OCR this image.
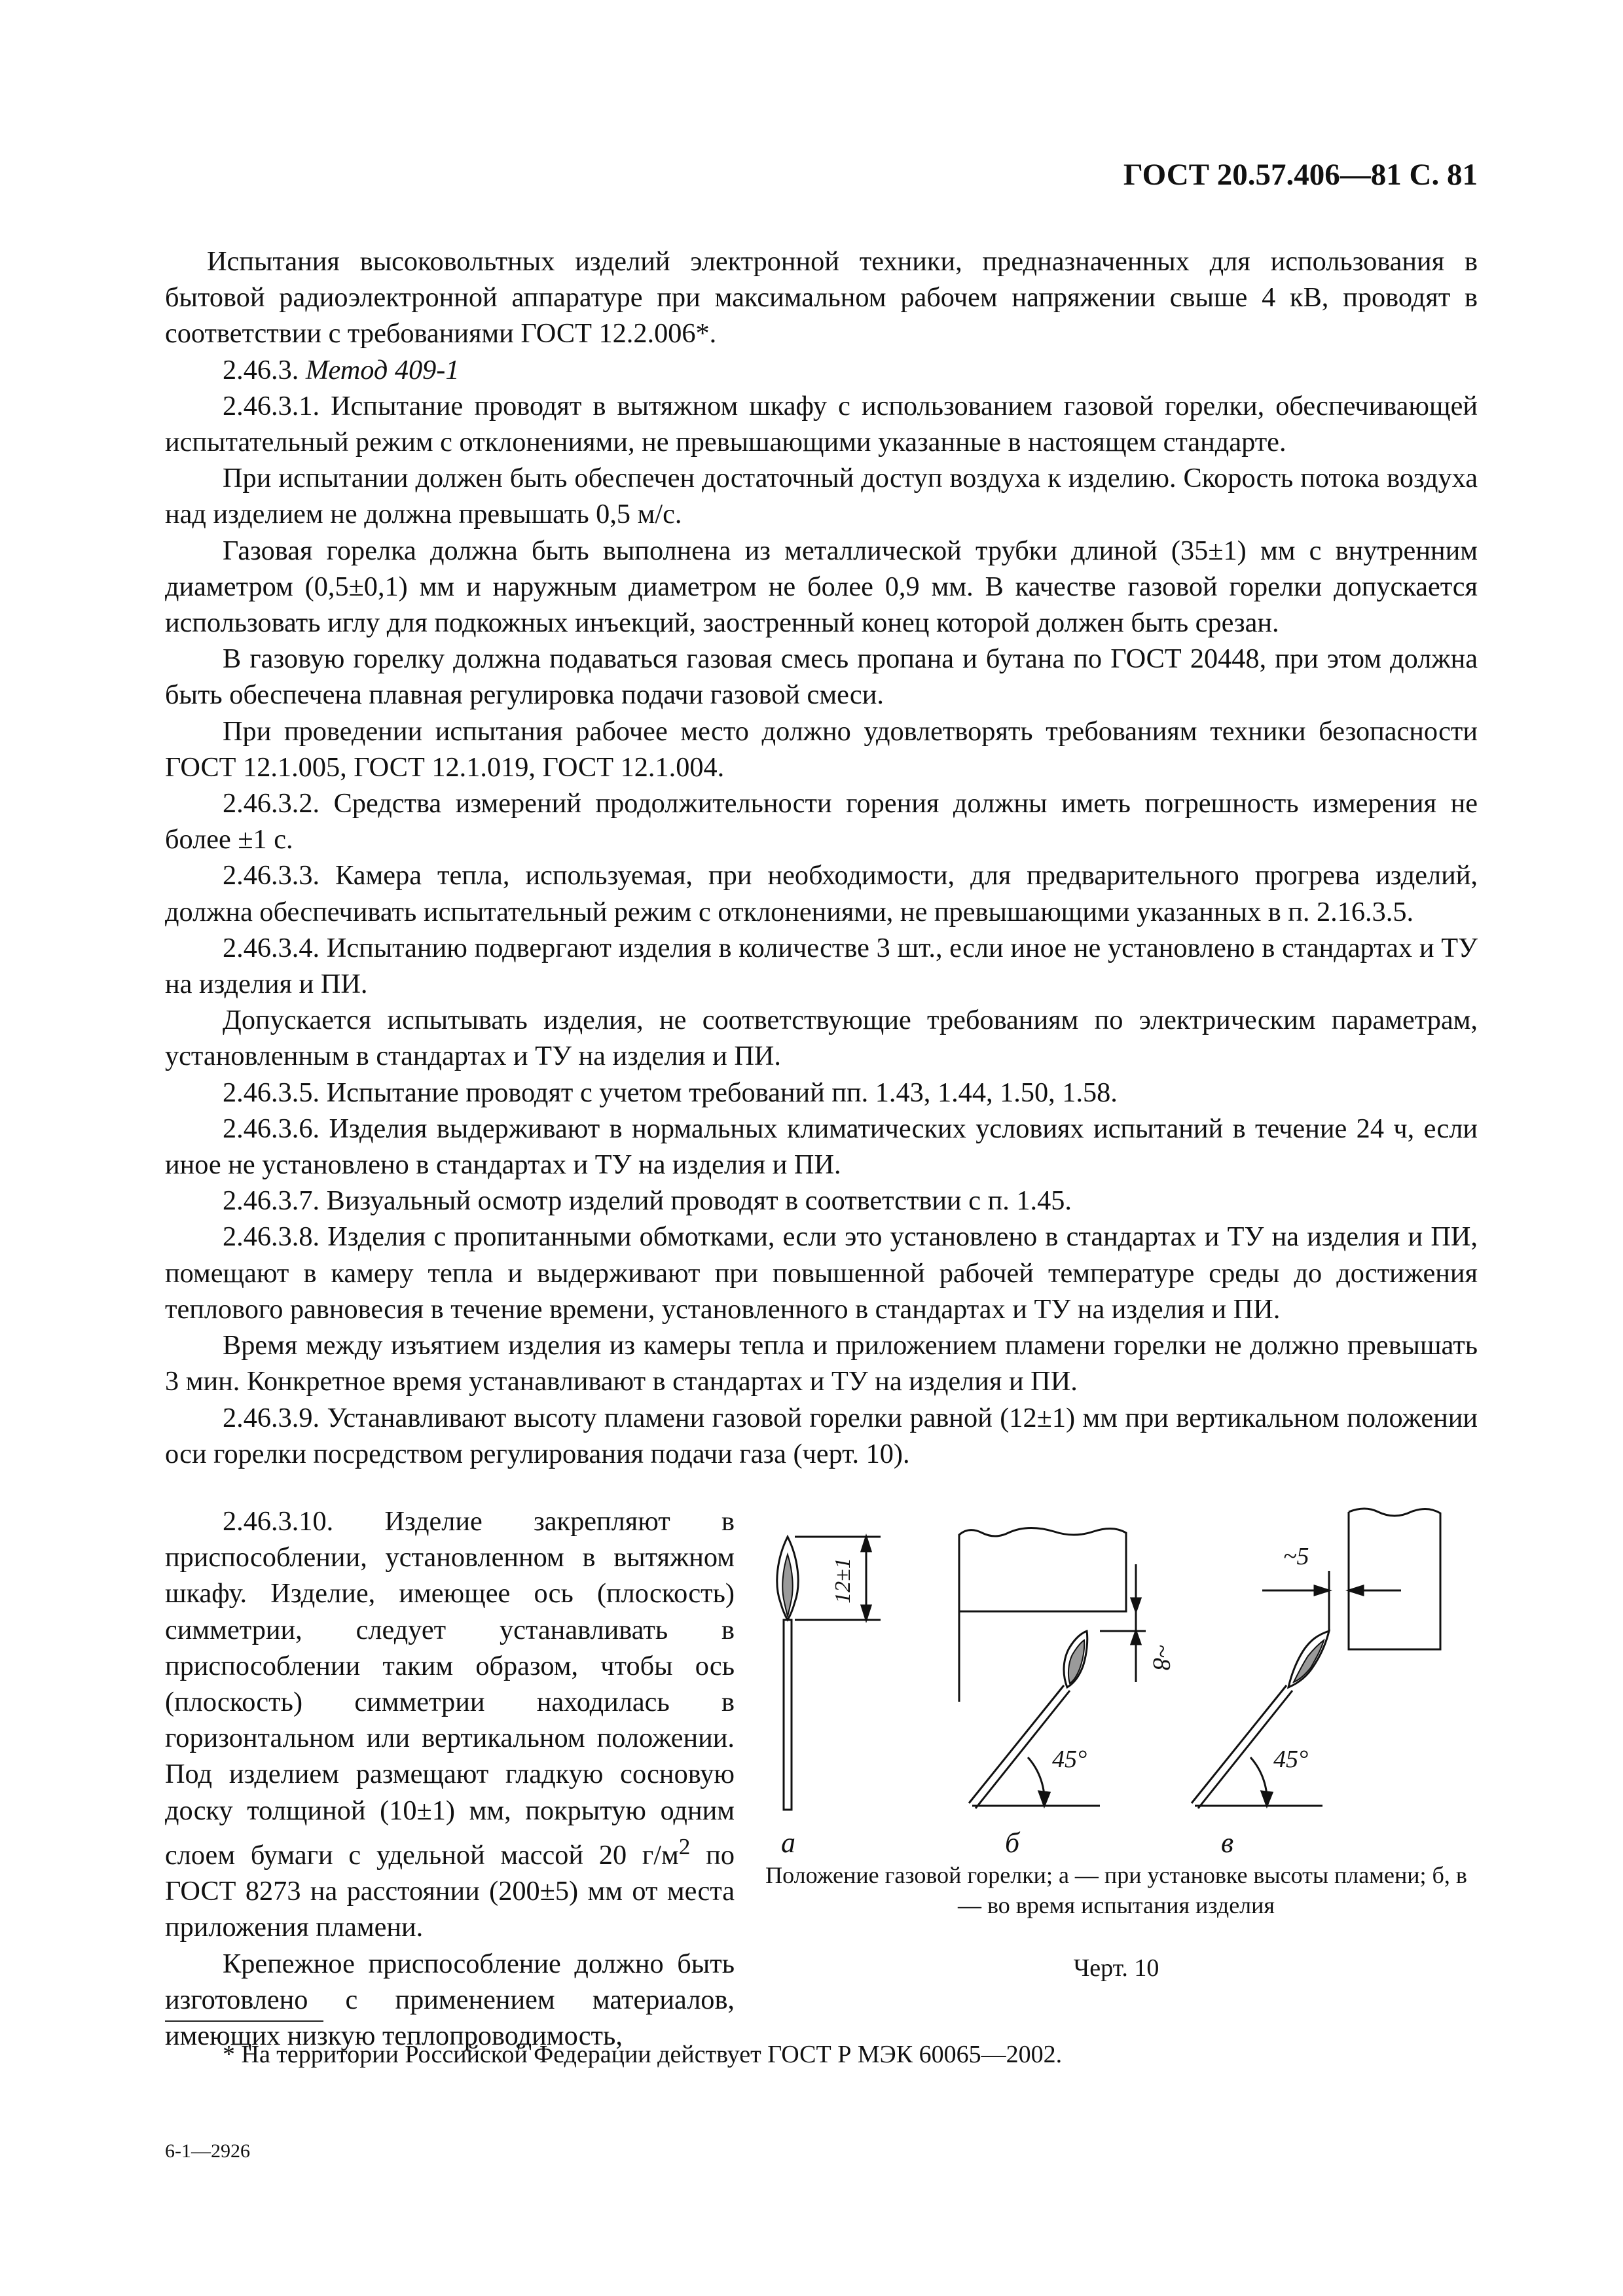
ГОСТ 20.57.406—81 С. 81

Испытания высоковольтных изделий электронной техники, предназначенных для использования в бытовой радиоэлектронной аппаратуре при максимальном рабочем напряжении свыше 4 кВ, проводят в соответствии с требованиями ГОСТ 12.2.006*.

2.46.3. Метод 409-1

2.46.3.1. Испытание проводят в вытяжном шкафу с использованием газовой горелки, обеспечивающей испытательный режим с отклонениями, не превышающими указанные в настоящем стандарте.

При испытании должен быть обеспечен достаточный доступ воздуха к изделию. Скорость потока воздуха над изделием не должна превышать 0,5 м/с.

Газовая горелка должна быть выполнена из металлической трубки длиной (35±1) мм с внутренним диаметром (0,5±0,1) мм и наружным диаметром не более 0,9 мм. В качестве газовой горелки допускается использовать иглу для подкожных инъекций, заостренный конец которой должен быть срезан.

В газовую горелку должна подаваться газовая смесь пропана и бутана по ГОСТ 20448, при этом должна быть обеспечена плавная регулировка подачи газовой смеси.

При проведении испытания рабочее место должно удовлетворять требованиям техники безопасности ГОСТ 12.1.005, ГОСТ 12.1.019, ГОСТ 12.1.004.

2.46.3.2. Средства измерений продолжительности горения должны иметь погрешность измерения не более ±1 с.

2.46.3.3. Камера тепла, используемая, при необходимости, для предварительного прогрева изделий, должна обеспечивать испытательный режим с отклонениями, не превышающими указанных в п. 2.16.3.5.

2.46.3.4. Испытанию подвергают изделия в количестве 3 шт., если иное не установлено в стандартах и ТУ на изделия и ПИ.

Допускается испытывать изделия, не соответствующие требованиям по электрическим параметрам, установленным в стандартах и ТУ на изделия и ПИ.

2.46.3.5. Испытание проводят с учетом требований пп. 1.43, 1.44, 1.50, 1.58.

2.46.3.6. Изделия выдерживают в нормальных климатических условиях испытаний в течение 24 ч, если иное не установлено в стандартах и ТУ на изделия и ПИ.

2.46.3.7. Визуальный осмотр изделий проводят в соответствии с п. 1.45.

2.46.3.8. Изделия с пропитанными обмотками, если это установлено в стандартах и ТУ на изделия и ПИ, помещают в камеру тепла и выдерживают при повышенной рабочей температуре среды до достижения теплового равновесия в течение времени, установленного в стандартах и ТУ на изделия и ПИ.

Время между изъятием изделия из камеры тепла и приложением пламени горелки не должно превышать 3 мин. Конкретное время устанавливают в стандартах и ТУ на изделия и ПИ.

2.46.3.9. Устанавливают высоту пламени газовой горелки равной (12±1) мм при вертикальном положении оси горелки посредством регулирования подачи газа (черт. 10).

2.46.3.10. Изделие закрепляют в приспособлении, установленном в вытяжном шкафу. Изделие, имеющее ось (плоскость) симметрии, следует устанавливать в приспособлении таким образом, чтобы ось (плоскость) симметрии находилась в горизонтальном или вертикальном положении. Под изделием размещают гладкую сосновую доску толщиной (10±1) мм, покрытую одним слоем бумаги с удельной массой 20 $г/м^2$ по ГОСТ 8273 на расстоянии (200±5) мм от места приложения пламени.

Крепежное приспособление должно быть изготовлено с применением материалов, имеющих низкую теплопроводимость,

12±1
~8
~5
45°	45°
а	б	в
Положение газовой горелки; а — при установке высоты пламени; б, в — во время испытания изделия
Черт. 10
* На территории Российской Федерации действует ГОСТ Р МЭК 60065—2002.
6-1—2926
